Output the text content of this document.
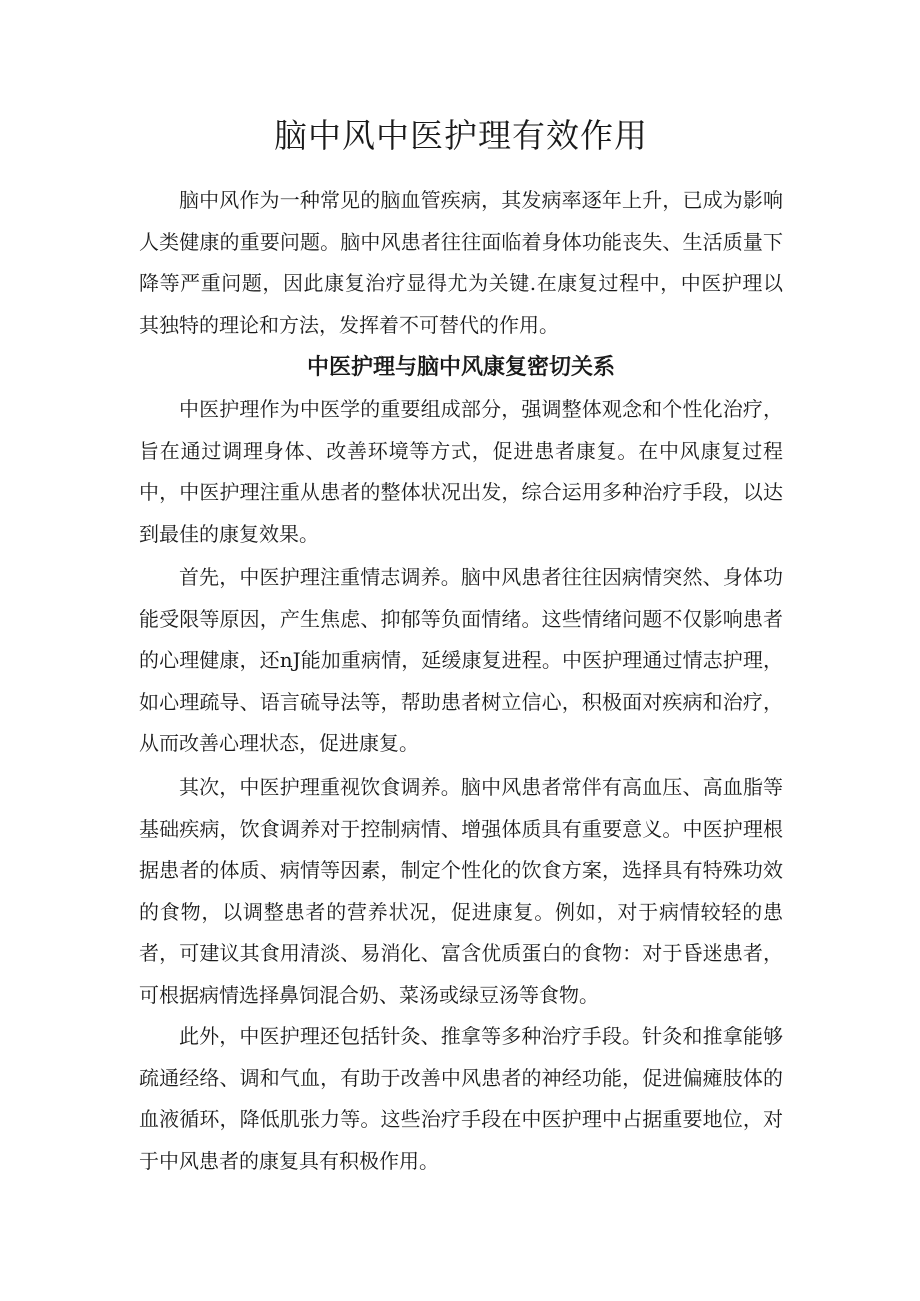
脑中风中医护理有效作用

脑中风作为一种常见的脑血管疾病，其发病率逐年上升，已成为影响人类健康的重要问题。脑中风患者往往面临着身体功能丧失、生活质量下降等严重问题，因此康复治疗显得尤为关键.在康复过程中，中医护理以其独特的理论和方法，发挥着不可替代的作用。

中医护理与脑中风康复密切关系

中医护理作为中医学的重要组成部分，强调整体观念和个性化治疗，旨在通过调理身体、改善环境等方式，促进患者康复。在中风康复过程中，中医护理注重从患者的整体状况出发，综合运用多种治疗手段，以达到最佳的康复效果。

首先，中医护理注重情志调养。脑中风患者往往因病情突然、身体功能受限等原因，产生焦虑、抑郁等负面情绪。这些情绪问题不仅影响患者的心理健康，还nJ能加重病情，延缓康复进程。中医护理通过情志护理，如心理疏导、语言硫导法等，帮助患者树立信心，积极面对疾病和治疗，从而改善心理状态，促进康复。

其次，中医护理重视饮食调养。脑中风患者常伴有高血压、高血脂等基础疾病，饮食调养对于控制病情、增强体质具有重要意义。中医护理根据患者的体质、病情等因素，制定个性化的饮食方案，选择具有特殊功效的食物，以调整患者的营养状况，促进康复。例如，对于病情较轻的患者，可建议其食用清淡、易消化、富含优质蛋白的食物：对于昏迷患者，可根据病情选择鼻饲混合奶、菜汤或绿豆汤等食物。

此外，中医护理还包括针灸、推拿等多种治疗手段。针灸和推拿能够疏通经络、调和气血，有助于改善中风患者的神经功能，促进偏瘫肢体的血液循环，降低肌张力等。这些治疗手段在中医护理中占据重要地位，对于中风患者的康复具有积极作用。
